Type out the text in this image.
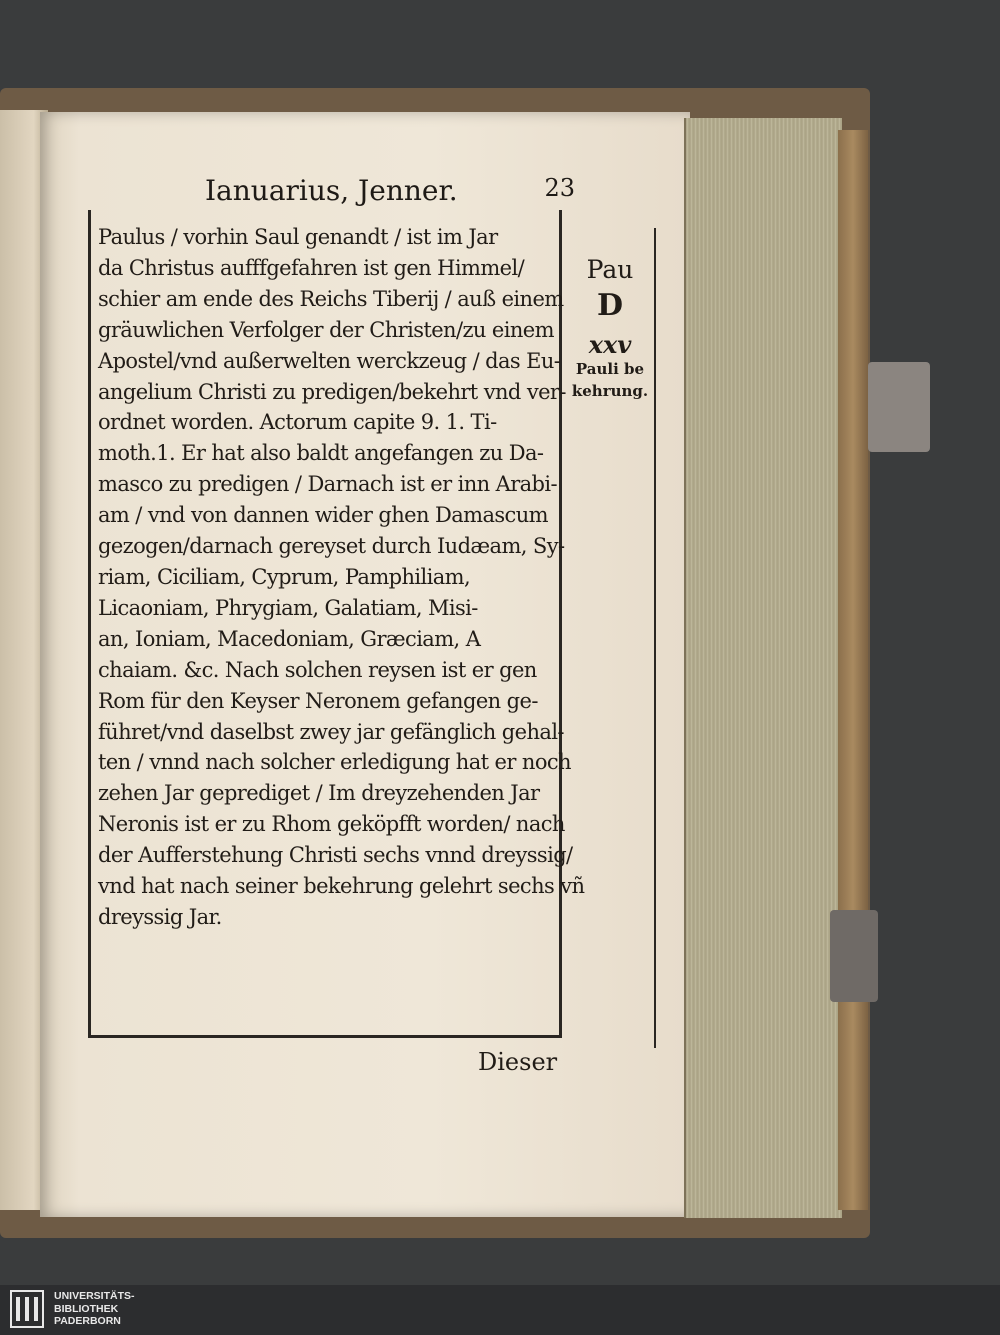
Ianuarius, Jenner.	23
Paulus / vorhin Saul genandt / ist im Jar
da Christus aufffgefahren ist gen Himmel/
schier am ende des Reichs Tiberij / auß einem
gräuwlichen Verfolger der Christen/zu einem
Apostel/vnd außerwelten werckzeug / das Eu-
angelium Christi zu predigen/bekehrt vnd ver-
ordnet worden. Actorum capite 9. 1. Ti-
moth.1. Er hat also baldt angefangen zu Da-
masco zu predigen / Darnach ist er inn Arabi-
am / vnd von dannen wider ghen Damascum
gezogen/darnach gereyset durch Iudæam, Sy-
riam, Ciciliam, Cyprum, Pamphiliam,
Licaoniam, Phrygiam, Galatiam, Misi-
an, Ioniam, Macedoniam, Græciam, A
chaiam. &c. Nach solchen reysen ist er gen
Rom für den Keyser Neronem gefangen ge-
führet/vnd daselbst zwey jar gefänglich gehal-
ten / vnnd nach solcher erledigung hat er noch
zehen Jar geprediget / Im dreyzehenden Jar
Neronis ist er zu Rhom geköpfft worden/ nach
der Aufferstehung Christi sechs vnnd dreyssig/
vnd hat nach seiner bekehrung gelehrt sechs vñ
dreyssig Jar.
Pau
D
xxv
Pauli be
kehrung.
Dieser
UNIVERSITÄTS-
BIBLIOTHEK
PADERBORN
